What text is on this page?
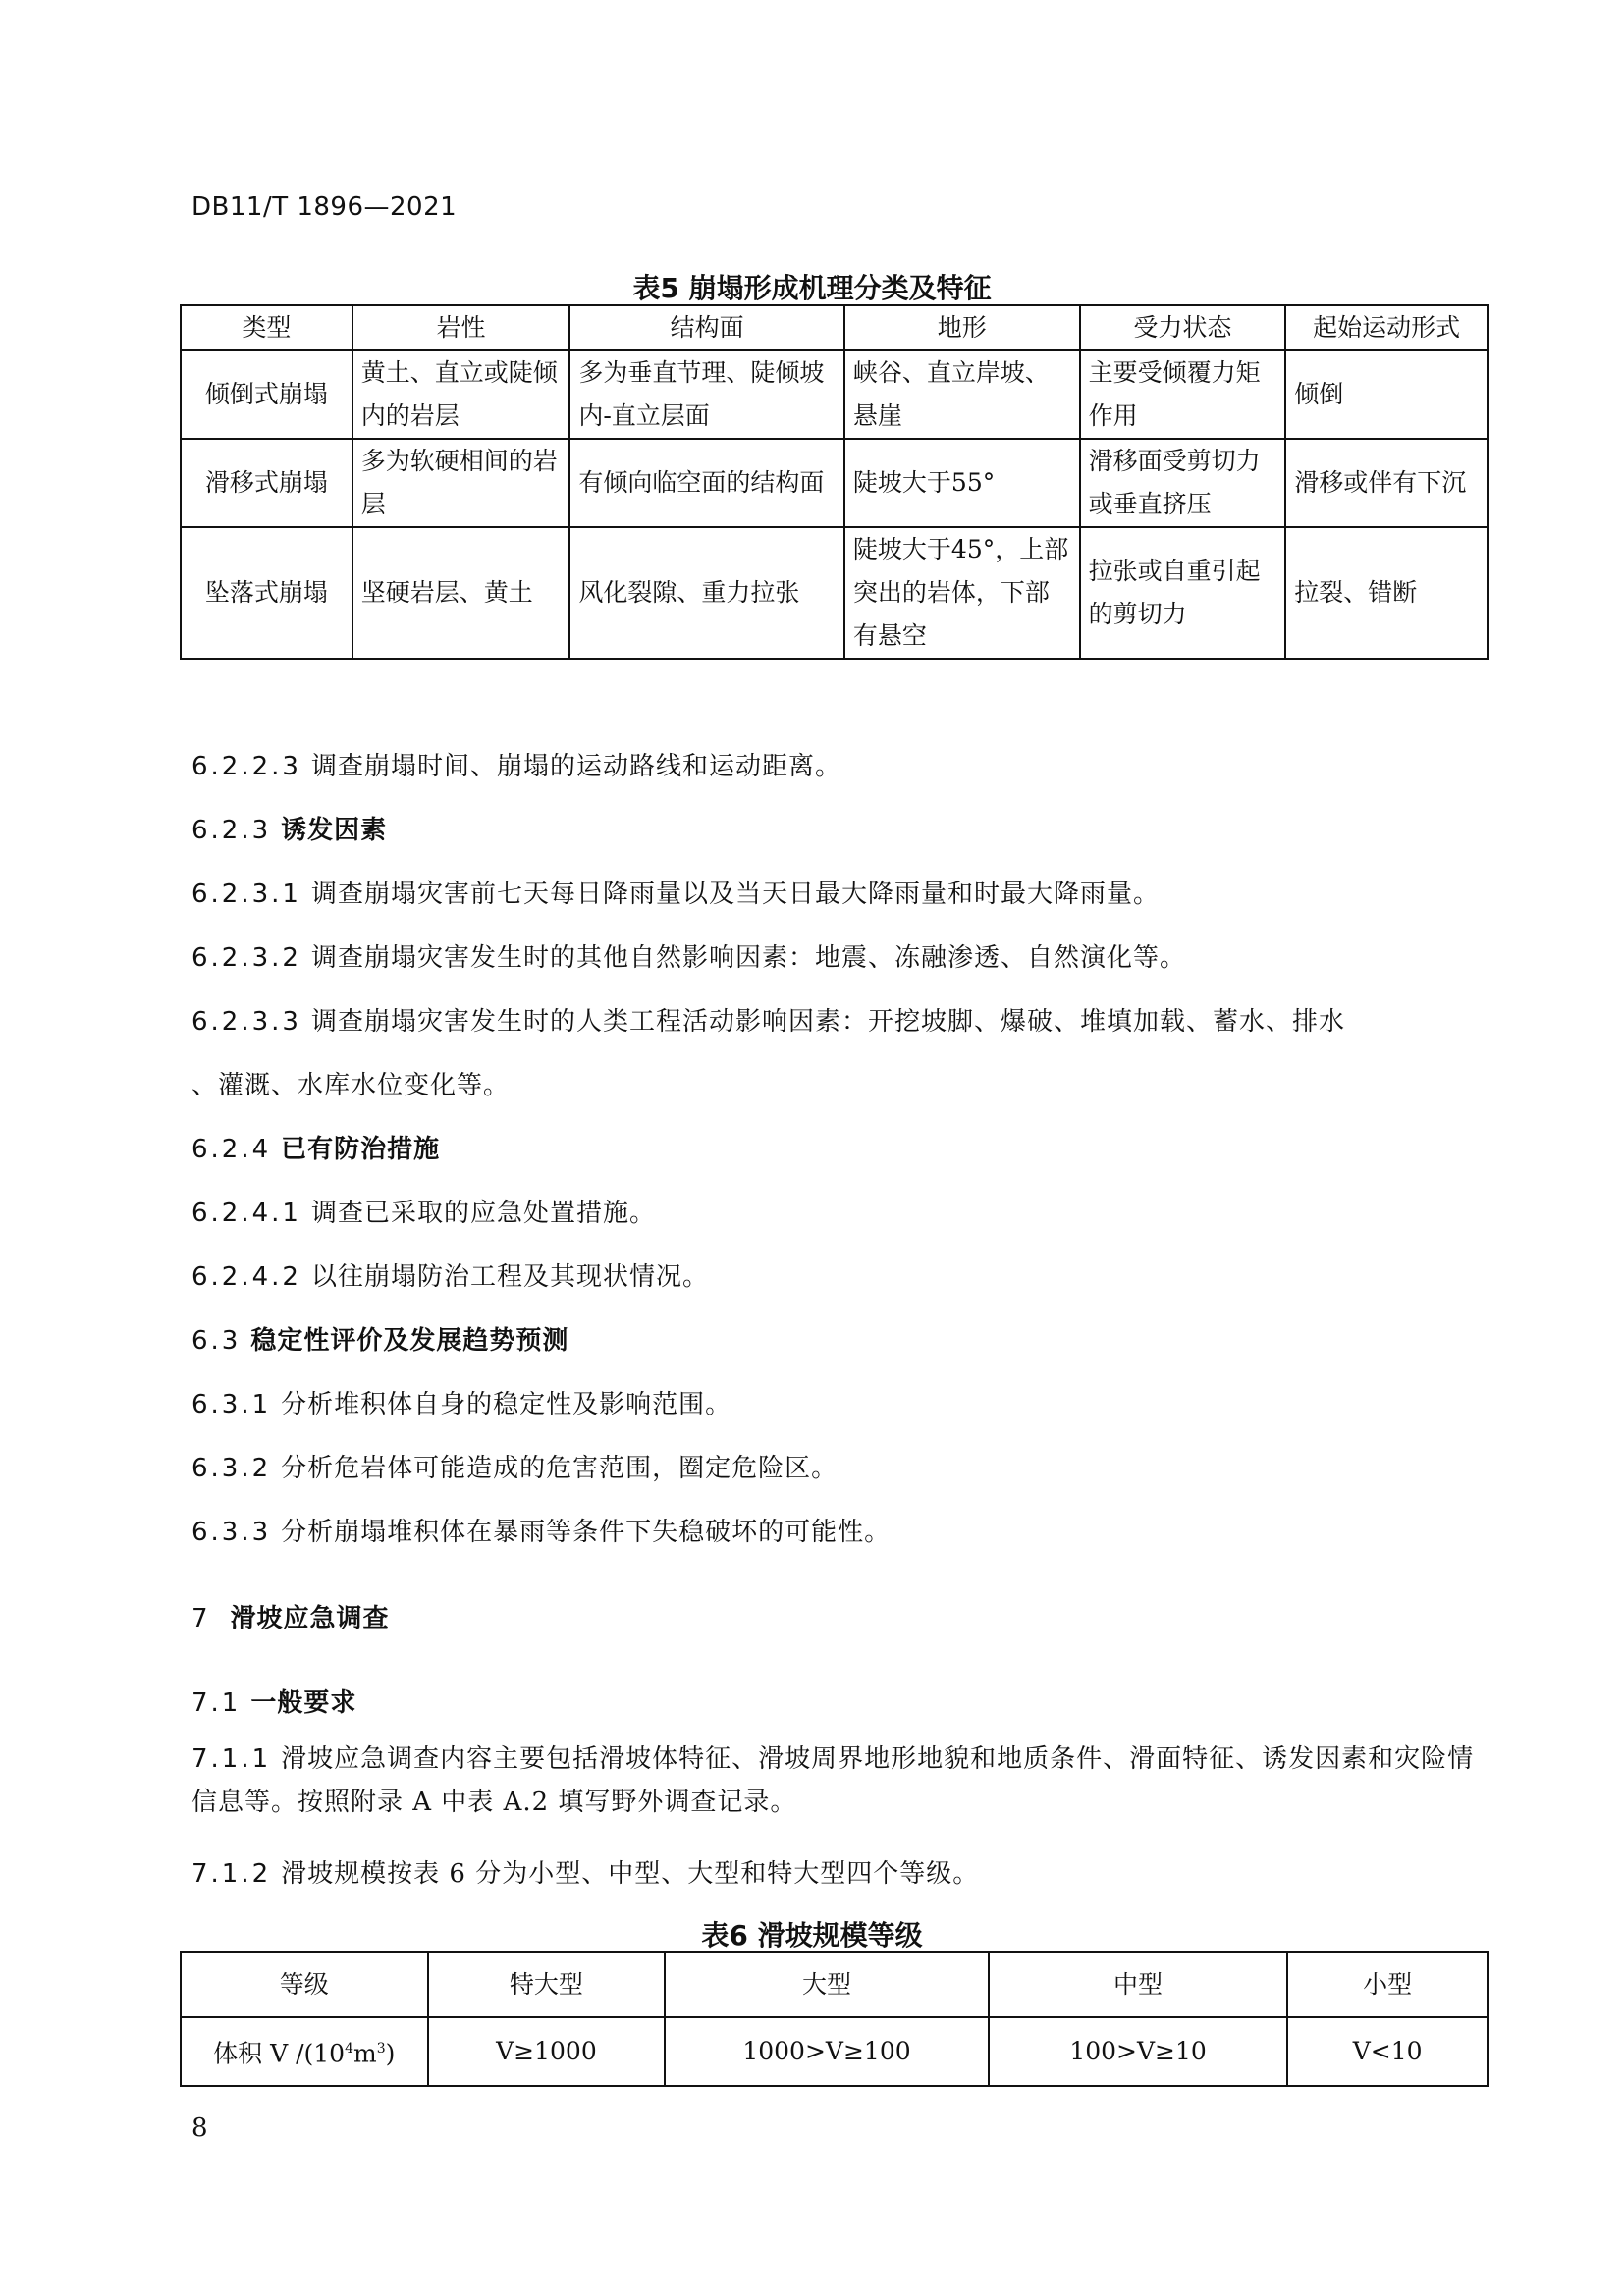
DB11/T 1896—2021
表5 崩塌形成机理分类及特征
类型	岩性	结构面	地形	受力状态	起始运动形式
倾倒式崩塌	黄土、直立或陡倾内的岩层	多为垂直节理、陡倾坡内-直立层面	峡谷、直立岸坡、悬崖	主要受倾覆力矩作用	倾倒
滑移式崩塌	多为软硬相间的岩层	有倾向临空面的结构面	陡坡大于55°	滑移面受剪切力或垂直挤压	滑移或伴有下沉
坠落式崩塌	坚硬岩层、黄土	风化裂隙、重力拉张	陡坡大于45°，上部突出的岩体，下部有悬空	拉张或自重引起的剪切力	拉裂、错断
6.2.2.3 调查崩塌时间、崩塌的运动路线和运动距离。
6.2.3 诱发因素
6.2.3.1 调查崩塌灾害前七天每日降雨量以及当天日最大降雨量和时最大降雨量。
6.2.3.2 调查崩塌灾害发生时的其他自然影响因素：地震、冻融渗透、自然演化等。
6.2.3.3 调查崩塌灾害发生时的人类工程活动影响因素：开挖坡脚、爆破、堆填加载、蓄水、排水
、灌溉、水库水位变化等。
6.2.4 已有防治措施
6.2.4.1 调查已采取的应急处置措施。
6.2.4.2 以往崩塌防治工程及其现状情况。
6.3 稳定性评价及发展趋势预测
6.3.1 分析堆积体自身的稳定性及影响范围。
6.3.2 分析危岩体可能造成的危害范围，圈定危险区。
6.3.3 分析崩塌堆积体在暴雨等条件下失稳破坏的可能性。
7 滑坡应急调查
7.1 一般要求
7.1.1 滑坡应急调查内容主要包括滑坡体特征、滑坡周界地形地貌和地质条件、滑面特征、诱发因素和灾险情信息等。按照附录 A 中表 A.2 填写野外调查记录。
7.1.2 滑坡规模按表 6 分为小型、中型、大型和特大型四个等级。
表6 滑坡规模等级
等级	特大型	大型	中型	小型
体积 V $/(10^4m^3)$	V≥1000	1000>V≥100	100>V≥10	V<10
8
